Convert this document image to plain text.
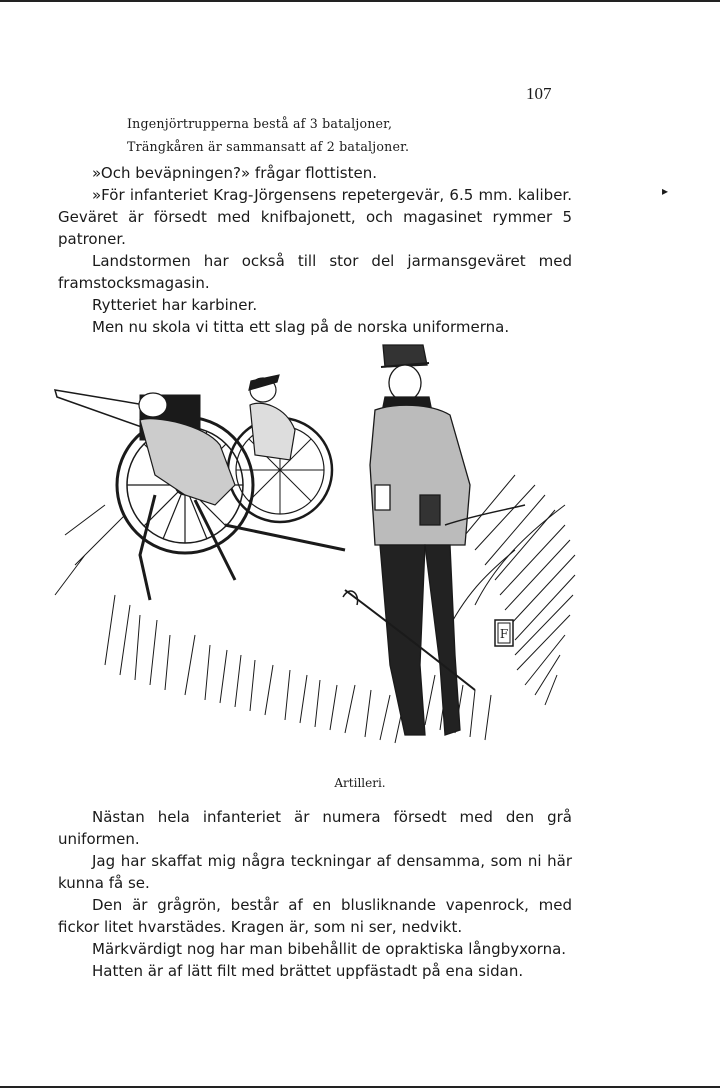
107
Ingenjörtrupperna bestå af 3 bataljoner,
Trängkåren är sammansatt af 2 bataljoner.
▸
»Och beväpningen?» frågar flottisten.
»För infanteriet Krag-Jörgensens repetergevär, 6.5 mm. kaliber. Geväret är försedt med knifbajonett, och magasinet rymmer 5 patroner.
Landstormen har också till stor del jarmansgeväret med framstocksmagasin.
Rytteriet har karbiner.
Men nu skola vi titta ett slag på de norska uniformerna.
F
Artilleri.
Nästan hela infanteriet är numera försedt med den grå uniformen.
Jag har skaffat mig några teckningar af densamma, som ni här kunna få se.
Den är grågrön, består af en blusliknande vapenrock, med fickor litet hvarstädes. Kragen är, som ni ser, nedvikt.
Märkvärdigt nog har man bibehållit de opraktiska långbyxorna.
Hatten är af lätt filt med brättet uppfästadt på ena sidan.
